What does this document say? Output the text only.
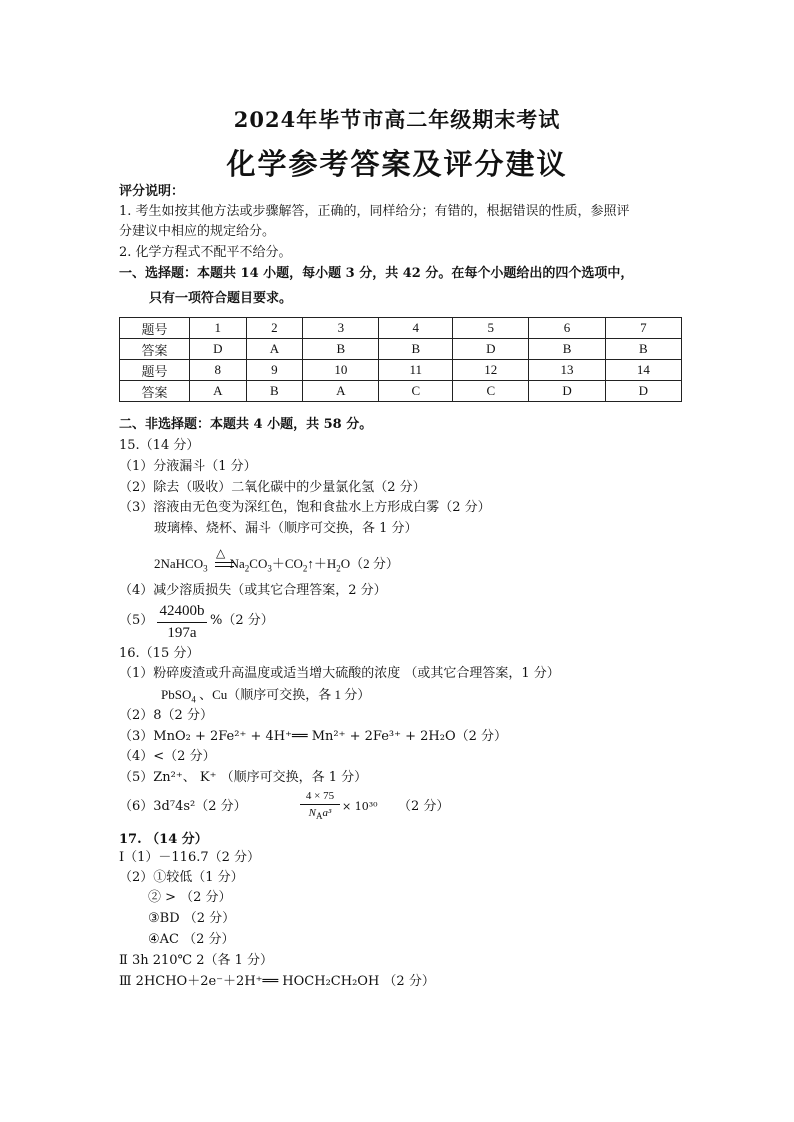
2024年毕节市高二年级期末考试
化学参考答案及评分建议
评分说明：
1. 考生如按其他方法或步骤解答，正确的，同样给分；有错的，根据错误的性质，参照评
分建议中相应的规定给分。
2. 化学方程式不配平不给分。
一、选择题：本题共 14 小题，每小题 3 分，共 42 分。在每个小题给出的四个选项中，
只有一项符合题目要求。
题号	1	2	3	4	5	6	7
答案	D	A	B	B	D	B	B
题号	8	9	10	11	12	13	14
答案	A	B	A	C	C	D	D
二、非选择题：本题共 4 小题，共 58 分。
15.（14 分）
（1）分液漏斗（1 分）
（2）除去（吸收）二氧化碳中的少量氯化氢（2 分）
（3）溶液由无色变为深红色，饱和食盐水上方形成白雾（2 分）
玻璃棒、烧杯、漏斗（顺序可交换，各 1 分）
△
2NaHCO$_3$ $Na_2CO_3+CO_2↑+H_2O(2$ 分）
（4）减少溶质损失（或其它合理答案，2 分）
（5）
42400b
197a
%（2 分）
16.（15 分）
（1）粉碎废渣或升高温度或适当增大硫酸的浓度 （或其它合理答案，1 分）
PbSO$_4$ 、Cu（顺序可交换，各 1 分）
（2）8（2 分）
（3）MnO₂ + 2Fe²⁺ + 4H⁺══ Mn²⁺ + 2Fe³⁺ + 2H₂O（2 分）
（4）<（2 分）
（5）Zn²⁺、 K⁺ （顺序可交换，各 1 分）
（6）3d⁷4s²（2 分）
4 × 75
$N_Aa^3 \times 10^{30}$ （2 分）
17. （14 分）
Ⅰ（1）－116.7（2 分）
（2）①较低（1 分）
② > （2 分）
③BD （2 分）
④AC （2 分）
Ⅱ 3h 210℃ 2（各 1 分）
Ⅲ 2HCHO＋2e⁻＋2H⁺══ HOCH₂CH₂OH （2 分）
